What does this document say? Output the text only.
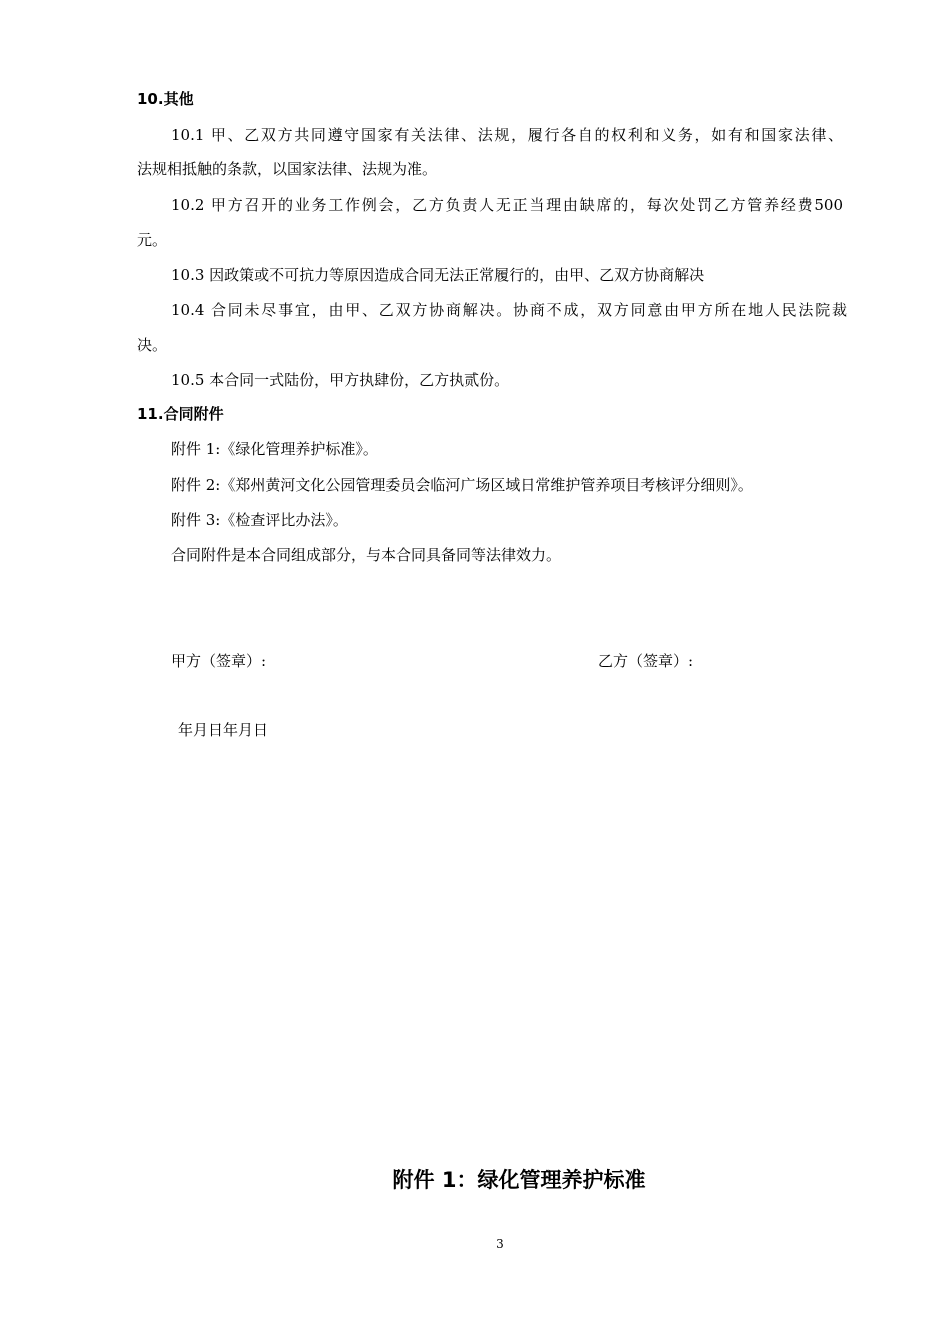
10.其他
10.1 甲、乙双方共同遵守国家有关法律、法规，履行各自的权利和义务，如有和国家法律、
法规相抵触的条款，以国家法律、法规为准。
10.2 甲方召开的业务工作例会，乙方负责人无正当理由缺席的，每次处罚乙方管养经费500
元。
10.3 因政策或不可抗力等原因造成合同无法正常履行的，由甲、乙双方协商解决
10.4 合同未尽事宜，由甲、乙双方协商解决。协商不成，双方同意由甲方所在地人民法院裁
决。
10.5 本合同一式陆份，甲方执肆份，乙方执贰份。
11.合同附件
附件 1:《绿化管理养护标准》。
附件 2:《郑州黄河文化公园管理委员会临河广场区域日常维护管养项目考核评分细则》。
附件 3:《检查评比办法》。
合同附件是本合同组成部分，与本合同具备同等法律效力。
甲方（签章）:	乙方（签章）:
年月日年月日
附件 1：绿化管理养护标准
3
